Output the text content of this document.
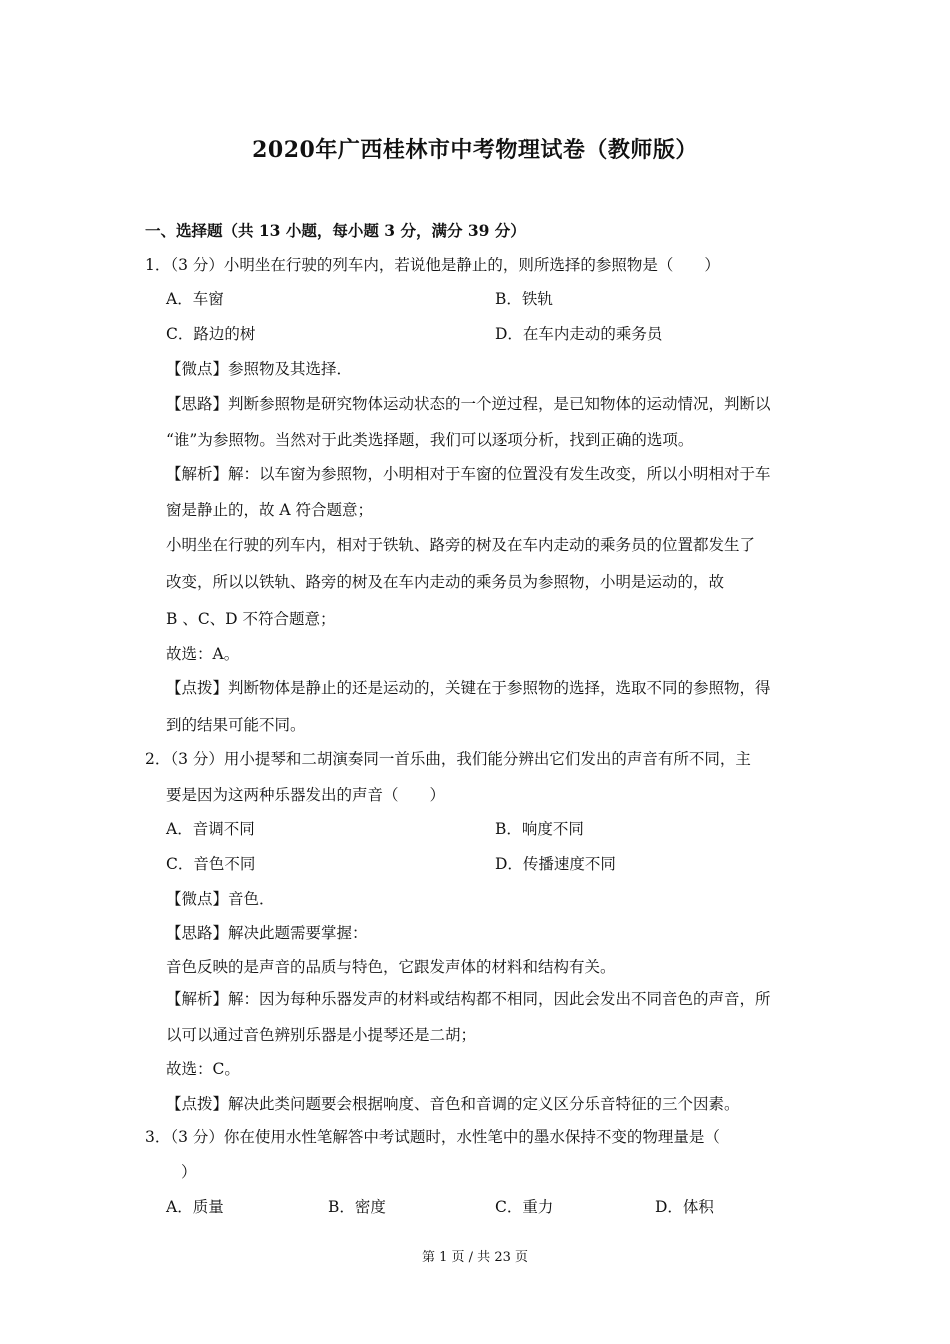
2020年广西桂林市中考物理试卷（教师版）
一、选择题（共 13 小题，每小题 3 分，满分 39 分）
1．（3 分）小明坐在行驶的列车内，若说他是静止的，则所选择的参照物是（　　）
A．车窗	B．铁轨
C．路边的树	D．在车内走动的乘务员
【微点】参照物及其选择．
【思路】判断参照物是研究物体运动状态的一个逆过程，是已知物体的运动情况，判断以
“谁”为参照物。当然对于此类选择题，我们可以逐项分析，找到正确的选项。
【解析】解：以车窗为参照物，小明相对于车窗的位置没有发生改变，所以小明相对于车
窗是静止的，故 A 符合题意；
小明坐在行驶的列车内，相对于铁轨、路旁的树及在车内走动的乘务员的位置都发生了
改变，所以以铁轨、路旁的树及在车内走动的乘务员为参照物，小明是运动的，故
B 、C、D 不符合题意；
故选：A。
【点拨】判断物体是静止的还是运动的，关键在于参照物的选择，选取不同的参照物，得
到的结果可能不同。
2．（3 分）用小提琴和二胡演奏同一首乐曲，我们能分辨出它们发出的声音有所不同，主
要是因为这两种乐器发出的声音（　　）
A．音调不同	B．响度不同
C．音色不同	D．传播速度不同
【微点】音色．
【思路】解决此题需要掌握：
音色反映的是声音的品质与特色，它跟发声体的材料和结构有关。
【解析】解：因为每种乐器发声的材料或结构都不相同，因此会发出不同音色的声音，所
以可以通过音色辨别乐器是小提琴还是二胡；
故选：C。
【点拨】解决此类问题要会根据响度、音色和音调的定义区分乐音特征的三个因素。
3．（3 分）你在使用水性笔解答中考试题时，水性笔中的墨水保持不变的物理量是（
）
A．质量	B．密度	C．重力	D．体积
第 1 页 / 共 23 页
